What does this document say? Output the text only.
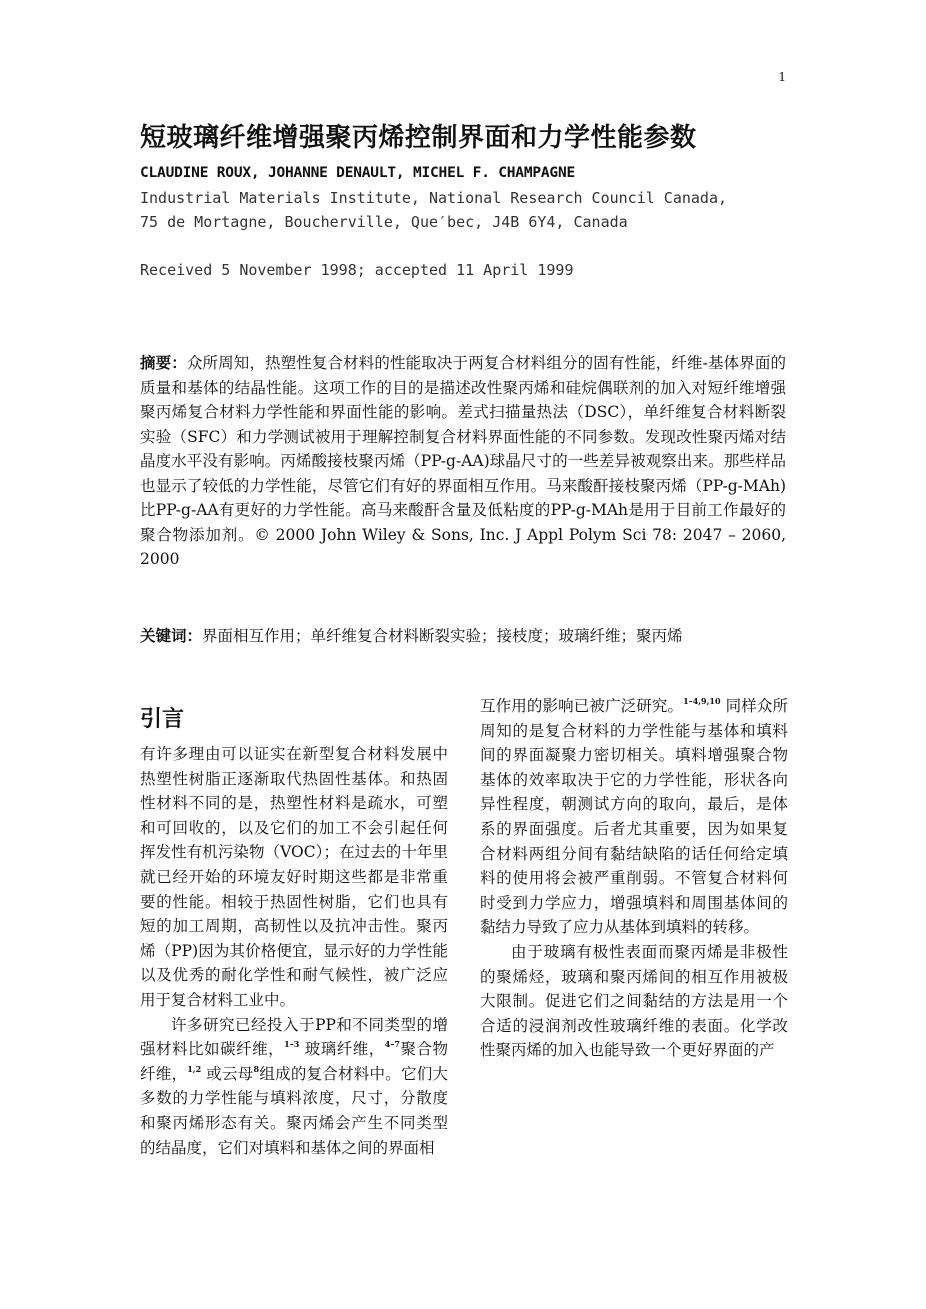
1
短玻璃纤维增强聚丙烯控制界面和力学性能参数
CLAUDINE ROUX, JOHANNE DENAULT, MICHEL F. CHAMPAGNE
Industrial Materials Institute, National Research Council Canada,
75 de Mortagne, Boucherville, Que′bec, J4B 6Y4, Canada
Received 5 November 1998; accepted 11 April 1999

摘要：众所周知，热塑性复合材料的性能取决于两复合材料组分的固有性能，纤维-基体界面的质量和基体的结晶性能。这项工作的目的是描述改性聚丙烯和硅烷偶联剂的加入对短纤维增强聚丙烯复合材料力学性能和界面性能的影响。差式扫描量热法（DSC），单纤维复合材料断裂实验（SFC）和力学测试被用于理解控制复合材料界面性能的不同参数。发现改性聚丙烯对结晶度水平没有影响。丙烯酸接枝聚丙烯（PP-g-AA)球晶尺寸的一些差异被观察出来。那些样品也显示了较低的力学性能，尽管它们有好的界面相互作用。马来酸酐接枝聚丙烯（PP-g-MAh) 比PP-g-AA有更好的力学性能。高马来酸酐含量及低粘度的PP-g-MAh是用于目前工作最好的聚合物添加剂。© 2000 John Wiley & Sons, Inc. J Appl Polym Sci 78: 2047 – 2060, 2000

关键词：界面相互作用；单纤维复合材料断裂实验；接枝度；玻璃纤维；聚丙烯

引言

有许多理由可以证实在新型复合材料发展中热塑性树脂正逐渐取代热固性基体。和热固性材料不同的是，热塑性材料是疏水，可塑和可回收的，以及它们的加工不会引起任何挥发性有机污染物（VOC）；在过去的十年里就已经开始的环境友好时期这些都是非常重要的性能。相较于热固性树脂，它们也具有短的加工周期，高韧性以及抗冲击性。聚丙烯（PP)因为其价格便宜，显示好的力学性能以及优秀的耐化学性和耐气候性，被广泛应用于复合材料工业中。

许多研究已经投入于PP和不同类型的增强材料比如碳纤维，$^{1-3}$ 玻璃纤维，$^{4-7}$聚合物纤维，$^{1,2}$ 或云母$^8$组成的复合材料中。它们大多数的力学性能与填料浓度，尺寸，分散度和聚丙烯形态有关。聚丙烯会产生不同类型的结晶度，它们对填料和基体之间的界面相

互作用的影响已被广泛研究。$^{1-4,9,10}$ 同样众所周知的是复合材料的力学性能与基体和填料间的界面凝聚力密切相关。填料增强聚合物基体的效率取决于它的力学性能，形状各向异性程度，朝测试方向的取向，最后，是体系的界面强度。后者尤其重要，因为如果复合材料两组分间有黏结缺陷的话任何给定填料的使用将会被严重削弱。不管复合材料何时受到力学应力，增强填料和周围基体间的黏结力导致了应力从基体到填料的转移。

由于玻璃有极性表面而聚丙烯是非极性的聚烯烃，玻璃和聚丙烯间的相互作用被极大限制。促进它们之间黏结的方法是用一个合适的浸润剂改性玻璃纤维的表面。化学改性聚丙烯的加入也能导致一个更好界面的产
